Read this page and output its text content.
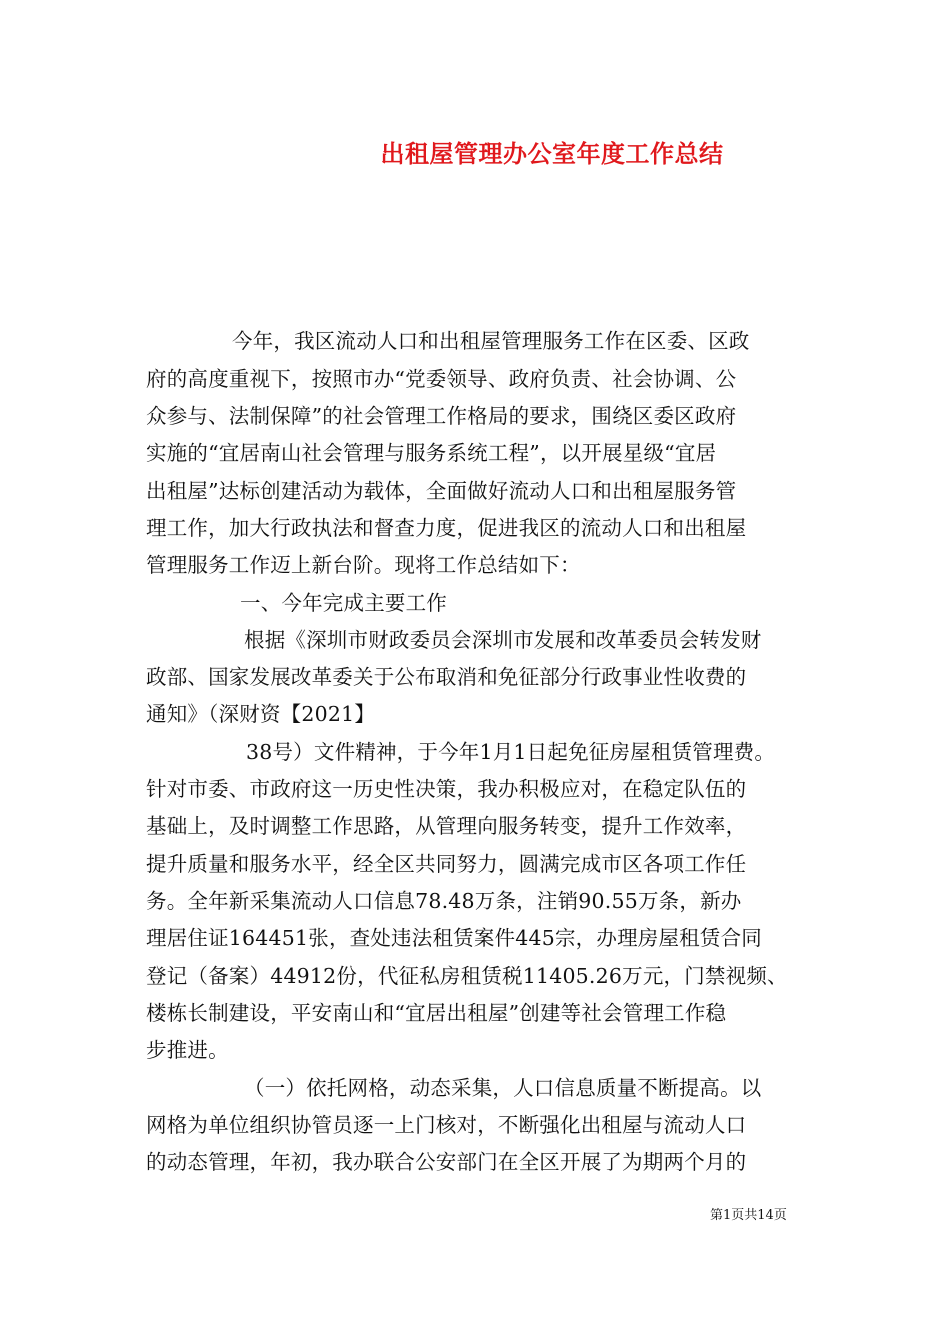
出租屋管理办公室年度工作总结
今年，我区流动人口和出租屋管理服务工作在区委、区政
府的高度重视下，按照市办“党委领导、政府负责、社会协调、公
众参与、法制保障”的社会管理工作格局的要求，围绕区委区政府
实施的“宜居南山社会管理与服务系统工程”，以开展星级“宜居
出租屋”达标创建活动为载体，全面做好流动人口和出租屋服务管
理工作，加大行政执法和督查力度，促进我区的流动人口和出租屋
管理服务工作迈上新台阶。现将工作总结如下：
一、今年完成主要工作
根据《深圳市财政委员会深圳市发展和改革委员会转发财
政部、国家发展改革委关于公布取消和免征部分行政事业性收费的
通知》（深财资【2021】
38号）文件精神，于今年1月1日起免征房屋租赁管理费。
针对市委、市政府这一历史性决策，我办积极应对，在稳定队伍的
基础上，及时调整工作思路，从管理向服务转变，提升工作效率，
提升质量和服务水平，经全区共同努力，圆满完成市区各项工作任
务。全年新采集流动人口信息78.48万条，注销90.55万条，新办
理居住证164451张，查处违法租赁案件445宗，办理房屋租赁合同
登记（备案）44912份，代征私房租赁税11405.26万元，门禁视频、
楼栋长制建设，平安南山和“宜居出租屋”创建等社会管理工作稳
步推进。
（一）依托网格，动态采集，人口信息质量不断提高。以
网格为单位组织协管员逐一上门核对，不断强化出租屋与流动人口
的动态管理，年初，我办联合公安部门在全区开展了为期两个月的
第1页共14页
